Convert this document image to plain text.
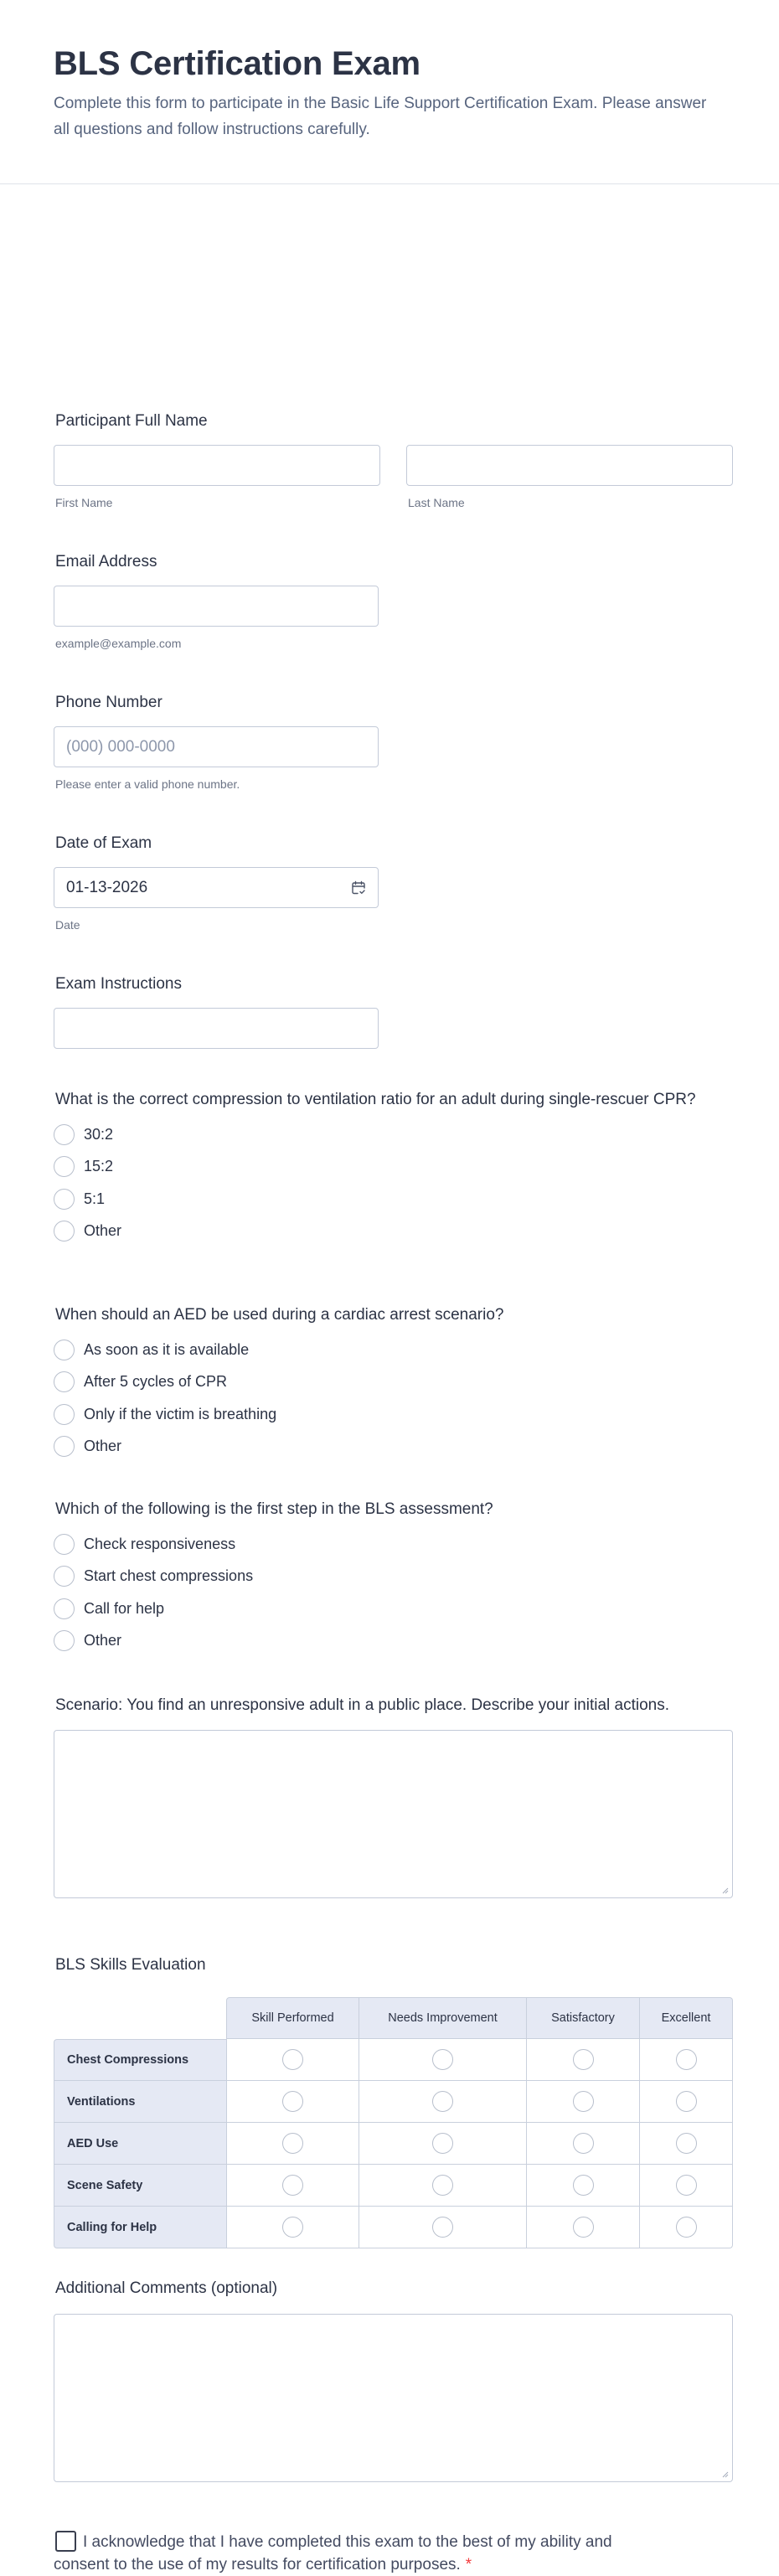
BLS Certification Exam

Complete this form to participate in the Basic Life Support Certification Exam. Please answer all questions and follow instructions carefully.

Participant Full Name
First Name	Last Name
Email Address
example@example.com
Phone Number
(000) 000-0000
Please enter a valid phone number.
Date of Exam
01-13-2026
Date
Exam Instructions
What is the correct compression to ventilation ratio for an adult during single-rescuer CPR?
30:2
15:2
5:1
Other
When should an AED be used during a cardiac arrest scenario?
As soon as it is available
After 5 cycles of CPR
Only if the victim is breathing
Other
Which of the following is the first step in the BLS assessment?
Check responsiveness
Start chest compressions
Call for help
Other
Scenario: You find an unresponsive adult in a public place. Describe your initial actions.
BLS Skills Evaluation
Skill Performed	Needs Improvement	Satisfactory	Excellent
Chest Compressions
Ventilations
AED Use
Scene Safety
Calling for Help
Additional Comments (optional)
I acknowledge that I have completed this exam to the best of my ability and consent to the use of my results for certification purposes. *
